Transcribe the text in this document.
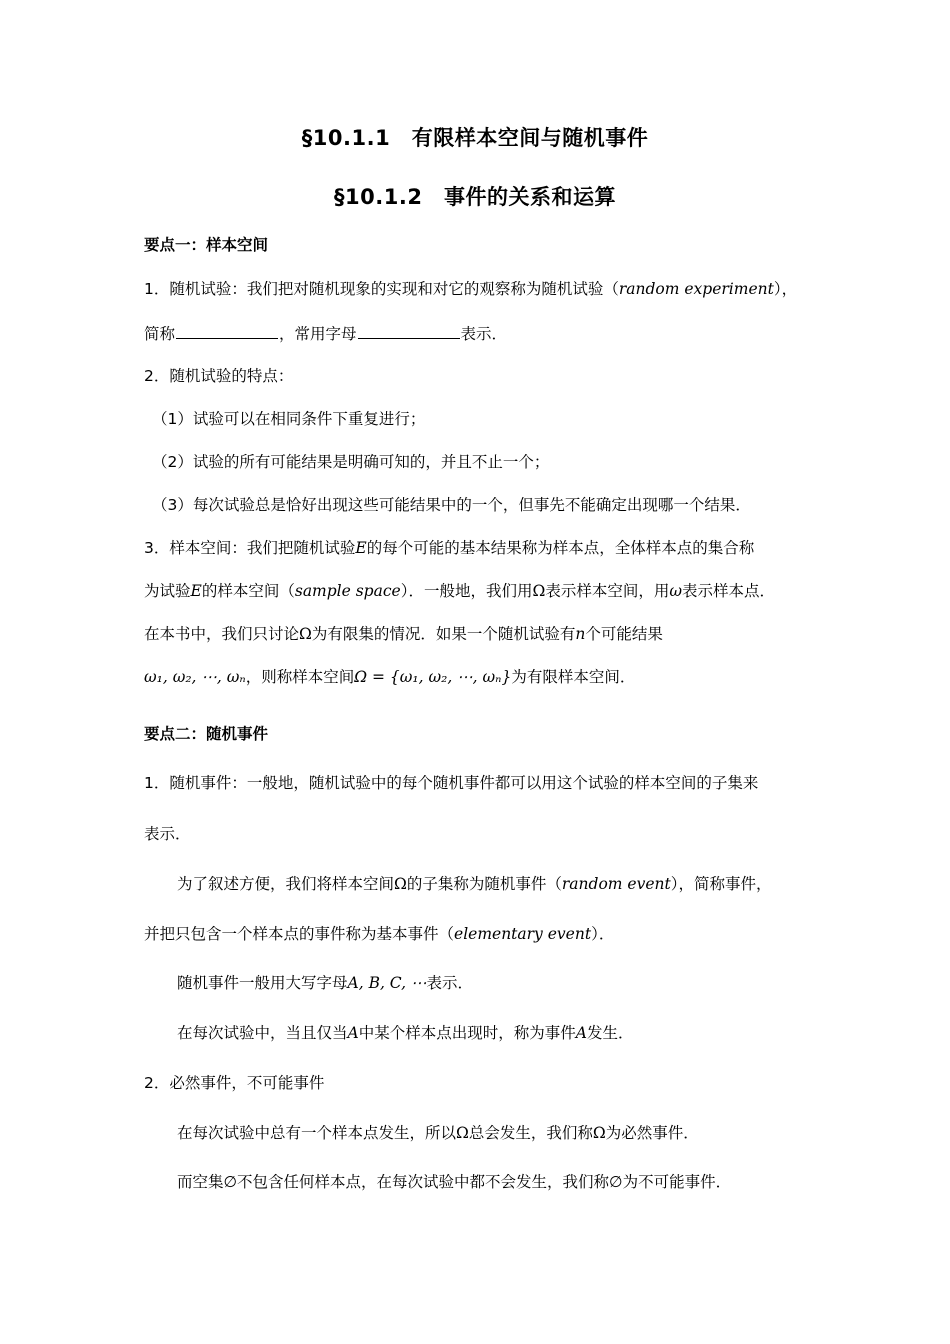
§10.1.1　有限样本空间与随机事件
§10.1.2　事件的关系和运算
要点一：样本空间
1．随机试验：我们把对随机现象的实现和对它的观察称为随机试验（random experiment），
简称	，常用字母	表示．
2．随机试验的特点：
（1）试验可以在相同条件下重复进行；
（2）试验的所有可能结果是明确可知的，并且不止一个；
（3）每次试验总是恰好出现这些可能结果中的一个，但事先不能确定出现哪一个结果．
3．样本空间：我们把随机试验E的每个可能的基本结果称为样本点，全体样本点的集合称
为试验E的样本空间（sample space）．一般地，我们用Ω表示样本空间，用ω表示样本点．
在本书中，我们只讨论Ω为有限集的情况．如果一个随机试验有n个可能结果
ω₁, ω₂, ⋯, ωₙ，则称样本空间Ω = {ω₁, ω₂, ⋯, ωₙ}为有限样本空间．
要点二：随机事件
1．随机事件：一般地，随机试验中的每个随机事件都可以用这个试验的样本空间的子集来
表示．
为了叙述方便，我们将样本空间Ω的子集称为随机事件（random event），简称事件，
并把只包含一个样本点的事件称为基本事件（elementary event）．
随机事件一般用大写字母A, B, C, ⋯表示．
在每次试验中，当且仅当A中某个样本点出现时，称为事件A发生．
2．必然事件，不可能事件
在每次试验中总有一个样本点发生，所以Ω总会发生，我们称Ω为必然事件．
而空集∅不包含任何样本点，在每次试验中都不会发生，我们称∅为不可能事件．
